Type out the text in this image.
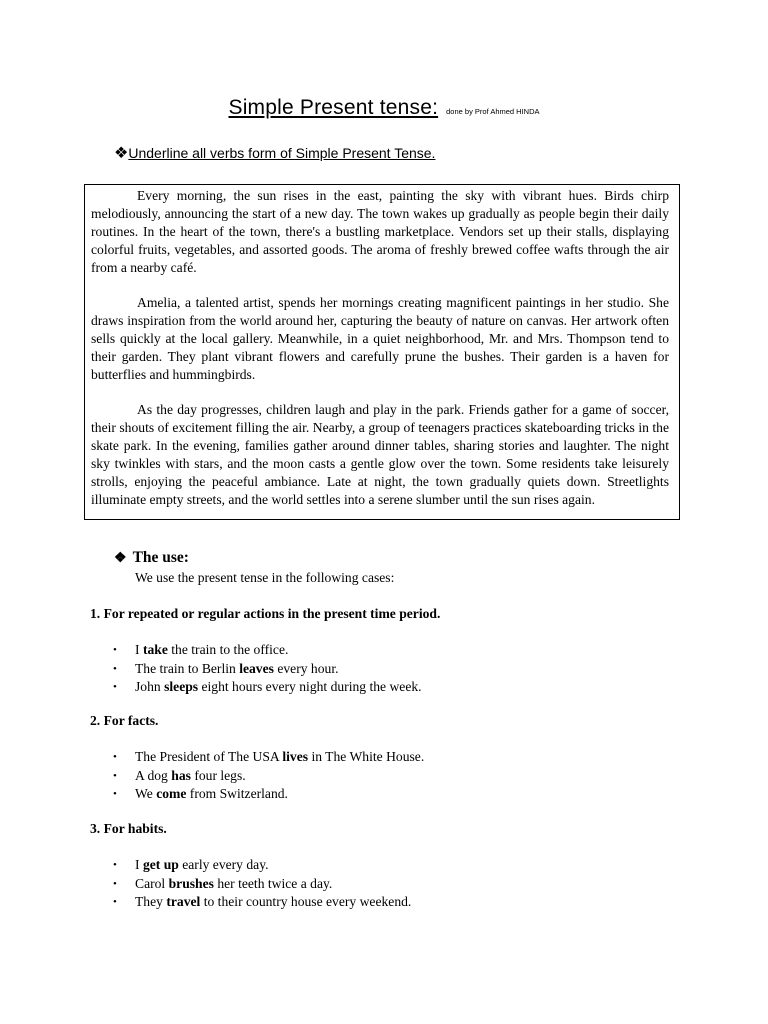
Simple Present tense: done by Prof Ahmed HINDA
❖Underline all verbs form of Simple Present Tense.

Every morning, the sun rises in the east, painting the sky with vibrant hues. Birds chirp melodiously, announcing the start of a new day. The town wakes up gradually as people begin their daily routines. In the heart of the town, there's a bustling marketplace. Vendors set up their stalls, displaying colorful fruits, vegetables, and assorted goods. The aroma of freshly brewed coffee wafts through the air from a nearby café.

Amelia, a talented artist, spends her mornings creating magnificent paintings in her studio. She draws inspiration from the world around her, capturing the beauty of nature on canvas. Her artwork often sells quickly at the local gallery. Meanwhile, in a quiet neighborhood, Mr. and Mrs. Thompson tend to their garden. They plant vibrant flowers and carefully prune the bushes. Their garden is a haven for butterflies and hummingbirds.

As the day progresses, children laugh and play in the park. Friends gather for a game of soccer, their shouts of excitement filling the air. Nearby, a group of teenagers practices skateboarding tricks in the skate park. In the evening, families gather around dinner tables, sharing stories and laughter. The night sky twinkles with stars, and the moon casts a gentle glow over the town. Some residents take leisurely strolls, enjoying the peaceful ambiance. Late at night, the town gradually quiets down. Streetlights illuminate empty streets, and the world settles into a serene slumber until the sun rises again.

❖ The use:
We use the present tense in the following cases:
1. For repeated or regular actions in the present time period.
• I take the train to the office.
• The train to Berlin leaves every hour.
• John sleeps eight hours every night during the week.
2. For facts.
• The President of The USA lives in The White House.
• A dog has four legs.
• We come from Switzerland.
3. For habits.
• I get up early every day.
• Carol brushes her teeth twice a day.
• They travel to their country house every weekend.
